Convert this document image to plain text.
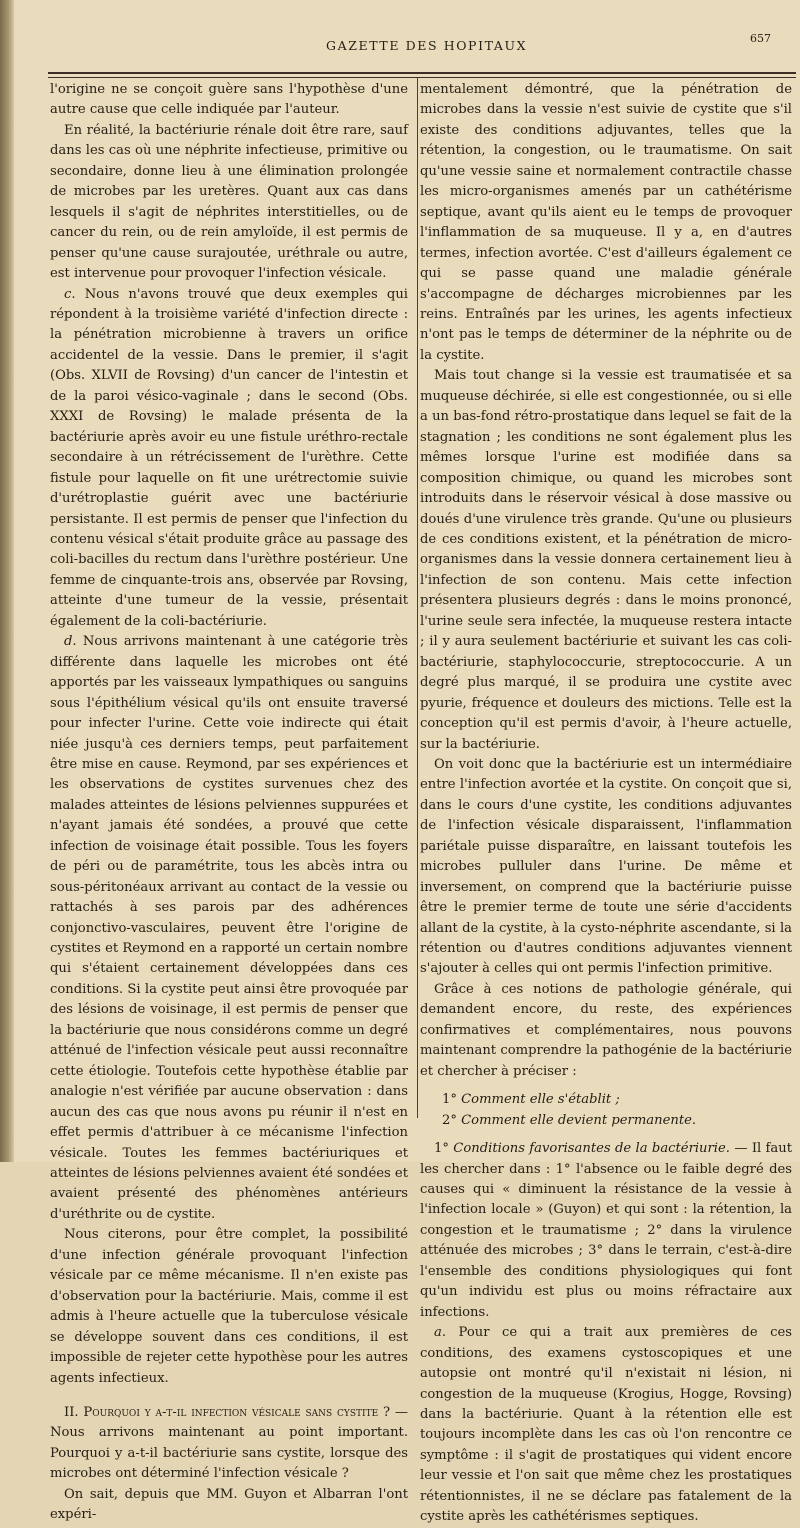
GAZETTE DES HOPITAUX	657

l'origine ne se conçoit guère sans l'hypothèse d'une autre cause que celle indiquée par l'auteur.

En réalité, la bactériurie rénale doit être rare, sauf dans les cas où une néphrite infectieuse, primitive ou secondaire, donne lieu à une élimination prolongée de microbes par les uretères. Quant aux cas dans lesquels il s'agit de néphrites interstitielles, ou de cancer du rein, ou de rein amyloïde, il est permis de penser qu'une cause surajoutée, uréthrale ou autre, est intervenue pour provoquer l'infection vésicale.

c. Nous n'avons trouvé que deux exemples qui répondent à la troisième variété d'infection directe : la pénétration microbienne à travers un orifice accidentel de la vessie. Dans le premier, il s'agit (Obs. XLVII de Rovsing) d'un cancer de l'intestin et de la paroi vésico-vaginale ; dans le second (Obs. XXXI de Rovsing) le malade présenta de la bactériurie après avoir eu une fistule uréthro-rectale secondaire à un rétrécissement de l'urèthre. Cette fistule pour laquelle on fit une urétrectomie suivie d'urétroplastie guérit avec une bactériurie persistante. Il est permis de penser que l'infection du contenu vésical s'était produite grâce au passage des coli-bacilles du rectum dans l'urèthre postérieur. Une femme de cinquante-trois ans, observée par Rovsing, atteinte d'une tumeur de la vessie, présentait également de la coli-bactériurie.

d. Nous arrivons maintenant à une catégorie très différente dans laquelle les microbes ont été apportés par les vaisseaux lympathiques ou sanguins sous l'épithélium vésical qu'ils ont ensuite traversé pour infecter l'urine. Cette voie indirecte qui était niée jusqu'à ces derniers temps, peut parfaitement être mise en cause. Reymond, par ses expériences et les observations de cystites survenues chez des malades atteintes de lésions pelviennes suppurées et n'ayant jamais été sondées, a prouvé que cette infection de voisinage était possible. Tous les foyers de péri ou de paramétrite, tous les abcès intra ou sous-péritonéaux arrivant au contact de la vessie ou rattachés à ses parois par des adhérences conjonctivo-vasculaires, peuvent être l'origine de cystites et Reymond en a rapporté un certain nombre qui s'étaient certainement développées dans ces conditions. Si la cystite peut ainsi être provoquée par des lésions de voisinage, il est permis de penser que la bactériurie que nous considérons comme un degré atténué de l'infection vésicale peut aussi reconnaître cette étiologie. Toutefois cette hypothèse établie par analogie n'est vérifiée par aucune observation : dans aucun des cas que nous avons pu réunir il n'est en effet permis d'attribuer à ce mécanisme l'infection vésicale. Toutes les femmes bactériuriques et atteintes de lésions pelviennes avaient été sondées et avaient présenté des phénomènes antérieurs d'uréthrite ou de cystite.

Nous citerons, pour être complet, la possibilité d'une infection générale provoquant l'infection vésicale par ce même mécanisme. Il n'en existe pas d'observation pour la bactériurie. Mais, comme il est admis à l'heure actuelle que la tuberculose vésicale se développe souvent dans ces conditions, il est impossible de rejeter cette hypothèse pour les autres agents infectieux.

II. Pourquoi y a-t-il infection vésicale sans cystite ? — Nous arrivons maintenant au point important. Pourquoi y a-t-il bactériurie sans cystite, lorsque des microbes ont déterminé l'infection vésicale ?

On sait, depuis que MM. Guyon et Albarran l'ont expéri-

mentalement démontré, que la pénétration de microbes dans la vessie n'est suivie de cystite que s'il existe des conditions adjuvantes, telles que la rétention, la congestion, ou le traumatisme. On sait qu'une vessie saine et normalement contractile chasse les micro-organismes amenés par un cathétérisme septique, avant qu'ils aient eu le temps de provoquer l'inflammation de sa muqueuse. Il y a, en d'autres termes, infection avortée. C'est d'ailleurs également ce qui se passe quand une maladie générale s'accompagne de décharges microbiennes par les reins. Entraînés par les urines, les agents infectieux n'ont pas le temps de déterminer de la néphrite ou de la cystite.

Mais tout change si la vessie est traumatisée et sa muqueuse déchirée, si elle est congestionnée, ou si elle a un bas-fond rétro-prostatique dans lequel se fait de la stagnation ; les conditions ne sont également plus les mêmes lorsque l'urine est modifiée dans sa composition chimique, ou quand les microbes sont introduits dans le réservoir vésical à dose massive ou doués d'une virulence très grande. Qu'une ou plusieurs de ces conditions existent, et la pénétration de micro-organismes dans la vessie donnera certainement lieu à l'infection de son contenu. Mais cette infection présentera plusieurs degrés : dans le moins prononcé, l'urine seule sera infectée, la muqueuse restera intacte ; il y aura seulement bactériurie et suivant les cas coli-bactériurie, staphylococcurie, streptococcurie. A un degré plus marqué, il se produira une cystite avec pyurie, fréquence et douleurs des mictions. Telle est la conception qu'il est permis d'avoir, à l'heure actuelle, sur la bactériurie.

On voit donc que la bactériurie est un intermédiaire entre l'infection avortée et la cystite. On conçoit que si, dans le cours d'une cystite, les conditions adjuvantes de l'infection vésicale disparaissent, l'inflammation pariétale puisse disparaître, en laissant toutefois les microbes pulluler dans l'urine. De même et inversement, on comprend que la bactériurie puisse être le premier terme de toute une série d'accidents allant de la cystite, à la cysto-néphrite ascendante, si la rétention ou d'autres conditions adjuvantes viennent s'ajouter à celles qui ont permis l'infection primitive.

Grâce à ces notions de pathologie générale, qui demandent encore, du reste, des expériences confirmatives et complémentaires, nous pouvons maintenant comprendre la pathogénie de la bactériurie et chercher à préciser :

1° Comment elle s'établit ;

2° Comment elle devient permanente.

1° Conditions favorisantes de la bactériurie. — Il faut les chercher dans : 1° l'absence ou le faible degré des causes qui « diminuent la résistance de la vessie à l'infection locale » (Guyon) et qui sont : la rétention, la congestion et le traumatisme ; 2° dans la virulence atténuée des microbes ; 3° dans le terrain, c'est-à-dire l'ensemble des conditions physiologiques qui font qu'un individu est plus ou moins réfractaire aux infections.

a. Pour ce qui a trait aux premières de ces conditions, des examens cystoscopiques et une autopsie ont montré qu'il n'existait ni lésion, ni congestion de la muqueuse (Krogius, Hogge, Rovsing) dans la bactériurie. Quant à la rétention elle est toujours incomplète dans les cas où l'on rencontre ce symptôme : il s'agit de prostatiques qui vident encore leur vessie et l'on sait que même chez les prostatiques rétentionnistes, il ne se déclare pas fatalement de la cystite après les cathétérismes septiques.
